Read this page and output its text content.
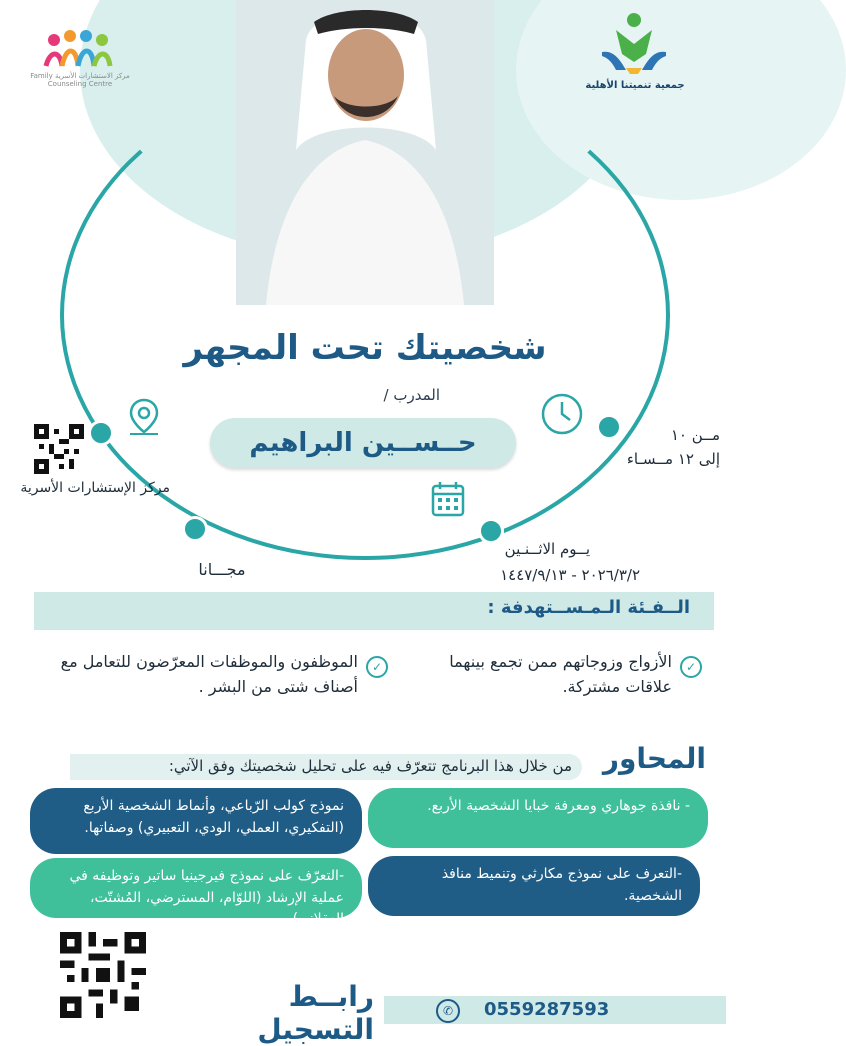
مركز الاستشارات الأسرية Family Counseling Centre	جمعية تنميتنا الأهلية
شخصيتك تحت المجهر
المدرب /
حــســين البراهيم	مــن ١٠
إلى ١٢ مــسـاء
مركز الإستشارات الأسرية
يــوم الاثــنـين
٢٠٢٦/٣/٢ - ١٤٤٧/٩/١٣
مجـــانا
الــفـئة الـمـســتهدفة :
✓
الأزواج وزوجاتهم ممن تجمع بينهما علاقات مشتركة.
✓
الموظفون والموظفات المعرّضون للتعامل مع أصناف شتى من البشر .
المحاور
من خلال هذا البرنامج تتعرّف فيه على تحليل شخصيتك وفق الآتي:
- نافذة جوهاري ومعرفة خبايا الشخصية الأربع.
نموذج كولب الرّباعي، وأنماط الشخصية الأربع (التفكيري، العملي، الودي، التعبيري) وصفاتها.
-التعرف على نموذج مكارثي وتنميط منافذ الشخصية.
-التعرّف على نموذج فيرجينيا ساتير وتوظيفه في عملية الإرشاد (اللوّام، المسترضي، المُشتّت، العقلاني)..
رابــط التسجيل
✆	0559287593
